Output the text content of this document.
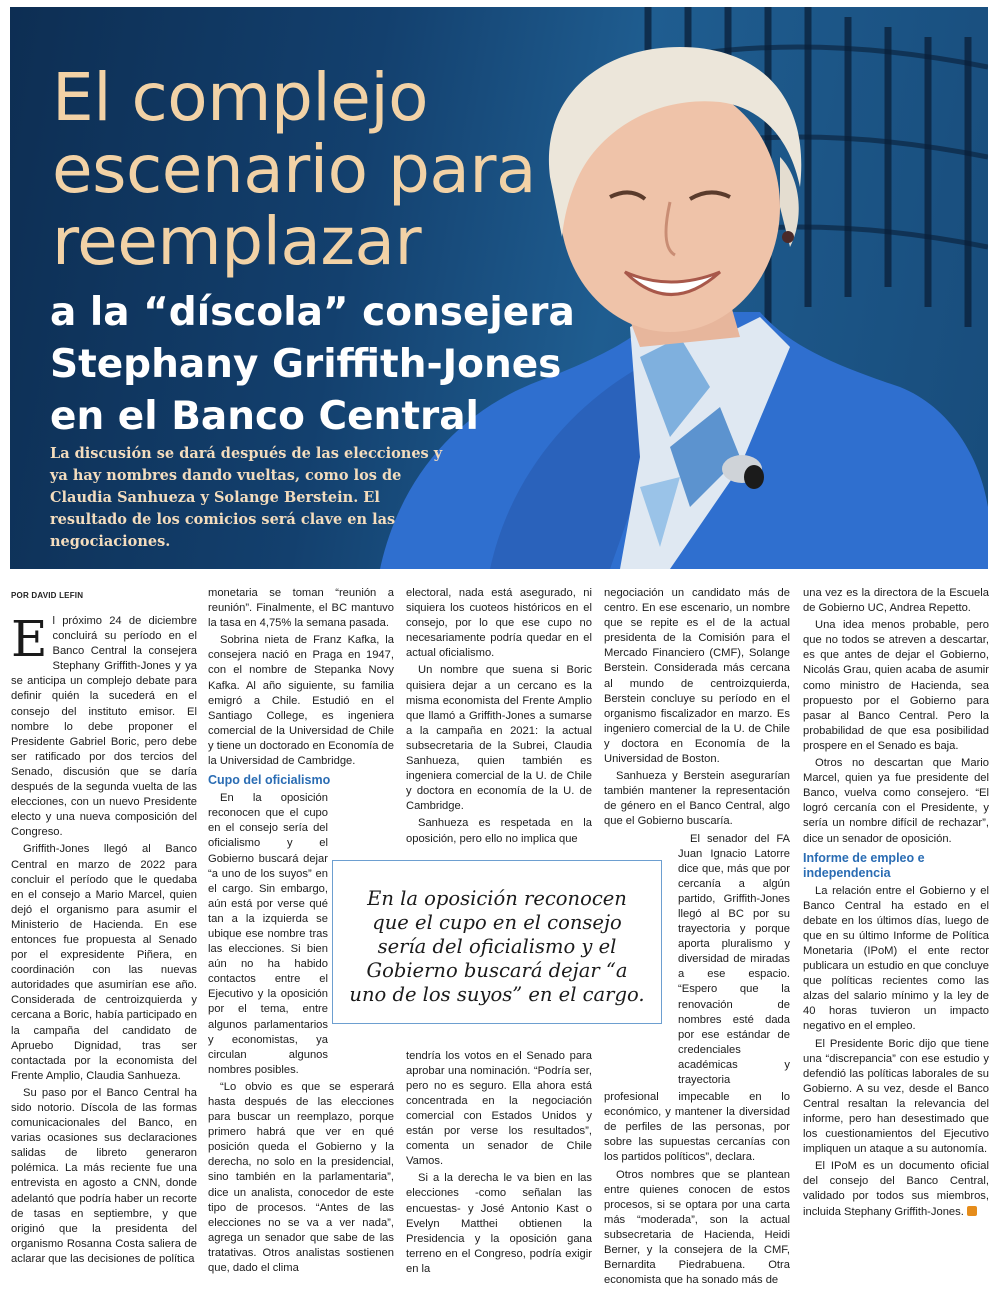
El complejo
escenario para
reemplazar
a la “díscola” consejera
Stephany Griffith-Jones
en el Banco Central

La discusión se dará después de las elecciones y ya hay nombres dando vueltas, como los de Claudia Sanhueza y Solange Berstein. El resultado de los comicios será clave en las negociaciones.

POR DAVID LEFIN

El próximo 24 de diciembre concluirá su período en el Banco Central la consejera Stephany Griffith-Jones y ya se anticipa un complejo debate para definir quién la sucederá en el consejo del instituto emisor. El nombre lo debe proponer el Presidente Gabriel Boric, pero debe ser ratificado por dos tercios del Senado, discusión que se daría después de la segunda vuelta de las elecciones, con un nuevo Presidente electo y una nueva composición del Congreso.

Griffith-Jones llegó al Banco Central en marzo de 2022 para concluir el período que le quedaba en el consejo a Mario Marcel, quien dejó el organismo para asumir el Ministerio de Hacienda. En ese entonces fue propuesta al Senado por el expresidente Piñera, en coordinación con las nuevas autoridades que asumirían ese año. Considerada de centroizquierda y cercana a Boric, había participado en la campaña del candidato de Apruebo Dignidad, tras ser contactada por la economista del Frente Amplio, Claudia Sanhueza.

Su paso por el Banco Central ha sido notorio. Díscola de las formas comunicacionales del Banco, en varias ocasiones sus declaraciones salidas de libreto generaron polémica. La más reciente fue una entrevista en agosto a CNN, donde adelantó que podría haber un recorte de tasas en septiembre, y que originó que la presidenta del organismo Rosanna Costa saliera de aclarar que las decisiones de política

monetaria se toman “reunión a reunión”. Finalmente, el BC mantuvo la tasa en 4,75% la semana pasada.

Sobrina nieta de Franz Kafka, la consejera nació en Praga en 1947, con el nombre de Stepanka Novy Kafka. Al año siguiente, su familia emigró a Chile. Estudió en el Santiago College, es ingeniera comercial de la Universidad de Chile y tiene un doctorado en Economía de la Universidad de Cambridge.

Cupo del oficialismo

En la oposición reconocen que el cupo en el consejo sería del oficialismo y el Gobierno buscará dejar “a uno de los suyos” en el cargo. Sin embargo, aún está por verse qué tan a la izquierda se ubique ese nombre tras las elecciones. Si bien aún no ha habido contactos entre el Ejecutivo y la oposición por el tema, entre algunos parlamentarios y economistas, ya circulan algunos nombres posibles.

“Lo obvio es que se esperará hasta después de las elecciones para buscar un reemplazo, porque primero habrá que ver en qué posición queda el Gobierno y la derecha, no solo en la presidencial, sino también en la parlamentaria”, dice un analista, conocedor de este tipo de procesos. “Antes de las elecciones no se va a ver nada”, agrega un senador que sabe de las tratativas. Otros analistas sostienen que, dado el clima

electoral, nada está asegurado, ni siquiera los cuoteos históricos en el consejo, por lo que ese cupo no necesariamente podría quedar en el actual oficialismo.

Un nombre que suena si Boric quisiera dejar a un cercano es la misma economista del Frente Amplio que llamó a Griffith-Jones a sumarse a la campaña en 2021: la actual subsecretaria de la Subrei, Claudia Sanhueza, quien también es ingeniera comercial de la U. de Chile y doctora en economía de la U. de Cambridge.

Sanhueza es respetada en la oposición, pero ello no implica que

tendría los votos en el Senado para aprobar una nominación. “Podría ser, pero no es seguro. Ella ahora está concentrada en la negociación comercial con Estados Unidos y están por verse los resultados”, comenta un senador de Chile Vamos.

Si a la derecha le va bien en las elecciones -como señalan las encuestas- y José Antonio Kast o Evelyn Matthei obtienen la Presidencia y la oposición gana terreno en el Congreso, podría exigir en la

negociación un candidato más de centro. En ese escenario, un nombre que se repite es el de la actual presidenta de la Comisión para el Mercado Financiero (CMF), Solange Berstein. Considerada más cercana al mundo de centroizquierda, Berstein concluye su período en el organismo fiscalizador en marzo. Es ingeniero comercial de la U. de Chile y doctora en Economía de la Universidad de Boston.

Sanhueza y Berstein asegurarían también mantener la representación de género en el Banco Central, algo que el Gobierno buscaría.

El senador del FA Juan Ignacio Latorre dice que, más que por cercanía a algún partido, Griffith-Jones llegó al BC por su trayectoria y porque aporta pluralismo y diversidad de miradas a ese espacio. “Espero que la renovación de nombres esté dada por ese estándar de credenciales académicas y trayectoria

profesional impecable en lo económico, y mantener la diversidad de perfiles de las personas, por sobre las supuestas cercanías con los partidos políticos”, declara.

Otros nombres que se plantean entre quienes conocen de estos procesos, si se optara por una carta más “moderada”, son la actual subsecretaria de Hacienda, Heidi Berner, y la consejera de la CMF, Bernardita Piedrabuena. Otra economista que ha sonado más de

una vez es la directora de la Escuela de Gobierno UC, Andrea Repetto.

Una idea menos probable, pero que no todos se atreven a descartar, es que antes de dejar el Gobierno, Nicolás Grau, quien acaba de asumir como ministro de Hacienda, sea propuesto por el Gobierno para pasar al Banco Central. Pero la probabilidad de que esa posibilidad prospere en el Senado es baja.

Otros no descartan que Mario Marcel, quien ya fue presidente del Banco, vuelva como consejero. “El logró cercanía con el Presidente, y sería un nombre difícil de rechazar”, dice un senador de oposición.

Informe de empleo e independencia

La relación entre el Gobierno y el Banco Central ha estado en el debate en los últimos días, luego de que en su último Informe de Política Monetaria (IPoM) el ente rector publicara un estudio en que concluye que políticas recientes como las alzas del salario mínimo y la ley de 40 horas tuvieron un impacto negativo en el empleo.

El Presidente Boric dijo que tiene una “discrepancia” con ese estudio y defendió las políticas laborales de su Gobierno. A su vez, desde el Banco Central resaltan la relevancia del informe, pero han desestimado que los cuestionamientos del Ejecutivo impliquen un ataque a su autonomía.

El IPoM es un documento oficial del consejo del Banco Central, validado por todos sus miembros, incluida Stephany Griffith-Jones.

En la oposición reconocen que el cupo en el consejo sería del oficialismo y el Gobierno buscará dejar “a uno de los suyos” en el cargo.
